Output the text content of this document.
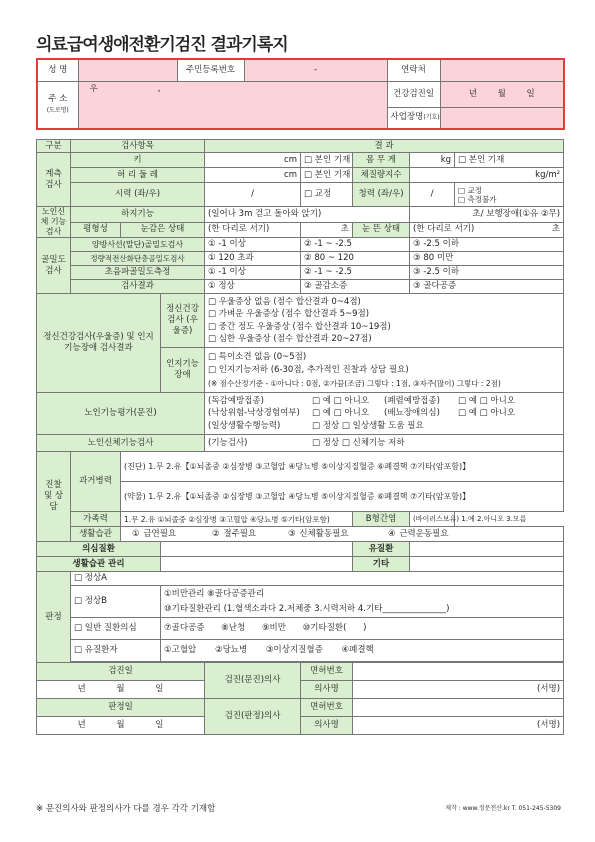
의료급여생애전환기검진 결과기록지
성 명		주민등록번호	-	연락처	
주 소
(도로명)	우 ,			건강검진일	년 월 일
				사업장명(기호)	
구분	검사항목			결 과				
계측 검사	키			cm	□ 본인 기재	몸 무 게	kg	□ 본인 기재
	허 리 둘 레			cm	□ 본인 기재	체질량지수	kg/m²	
	시력 (좌/우)			/	□ 교정	청력 (좌/우)	/	□ 교정
□ 측정불가
노인신체 기능검사	하지기능			(일어나 3m 걷고 돌아와 앉기)			초/ 보행장애(①유 ②무)	
	평형성	눈감은 상태		(한 다리로 서기)	초	눈 뜬 상태	(한 다리로 서기) 초	

골밀도 검사	양방사선(말단)골밀도검사			① -1 이상	② -1 ~ -2.5		③ -2.5 이하	
	정량적전산화단층골밀도검사			① 120 초과	② 80 ~ 120		③ 80 미만	
	초음파골밀도측정			① -1 이상	② -1 ~ -2.5		③ -2.5 이하	
	검사결과			① 정상	② 골감소증		③ 골다공증	
정신건강검사(우울증) 및 인지기능장애 검사결과			정신건강검사 (우울증)	□ 우울증상 없음 (점수 합산결과 0~4점)
□ 가벼운 우울증상 (점수 합산결과 5~9점)
□ 중간 정도 우울증상 (점수 합산결과 10~19점)
□ 심한 우울증상 (점수 합산결과 20~27점)				

			인지기능장애	□ 특이소견 없음 (0~5점)
□ 인지기능저하 (6-30점, 추가적인 진찰과 상담 필요)
(※ 점수산정기준 - ①아니다 : 0점, ②가끔(조금) 그렇다 : 1점, ③자주(많이) 그렇다 : 2점)				

노인기능평가(문진)				(독감예방접종) □ 예 □ 아니오 (폐렴예방접종) □ 예 □ 아니오
(낙상위험-낙상경험여부) □ 예 □ 아니오 (배뇨장애의심) □ 예 □ 아니오
(일상생활수행능력) □ 정상 □ 일상생활 도움 필요				

노인신체기능검사				(기능검사) □ 정상 □ 신체기능 저하				
진찰 및 상담	과거병력	(진단) 1.무 2.유【①뇌졸중 ②심장병 ③고혈압 ④당뇨병 ⑤이상지질혈증 ⑥폐결핵 ⑦기타(암포함)】						
		(약물) 1.무 2.유【①뇌졸중 ②심장병 ③고혈압 ④당뇨병 ⑤이상지질혈증 ⑥폐결핵 ⑦기타(암포함)】						
	가족력	1.무 2.유 ①뇌졸중 ②심장병 ③고혈압 ④당뇨병 ⑤기타(암포함)				B형간염	(바이러스보유) 1.예 2.아니오 3.모름	
	생활습관	① 금연필요 ② 절주필요 ③ 신체활동필요 ④ 근력운동필요						
의심질환						유질환		
생활습관 관리						기타		
판정	□ 정상A							
	□ 정상B		①비만관리 ⑧골다공증관리
⑩기타질환관리 (1.혈색소과다 2.저체중 3.시력저하 4.기타_______________)					

	□ 일반 질환의심		⑦골다공증 ⑧난청 ⑨비만 ⑩기타질환( )					
	□ 유질환자		①고혈압 ②당뇨병 ③이상지질혈증 ④폐결핵					

검진일				검진(문진)의사	면허번호			
년 월 일					의사명	(서명)		
판정일				검진(판정)의사	면허번호			
년 월 일					의사명	(서명)		
※ 문진의사와 판정의사가 다를 경우 각각 기재함	제작 : www.정문전산.kr T. 051-245-5309
